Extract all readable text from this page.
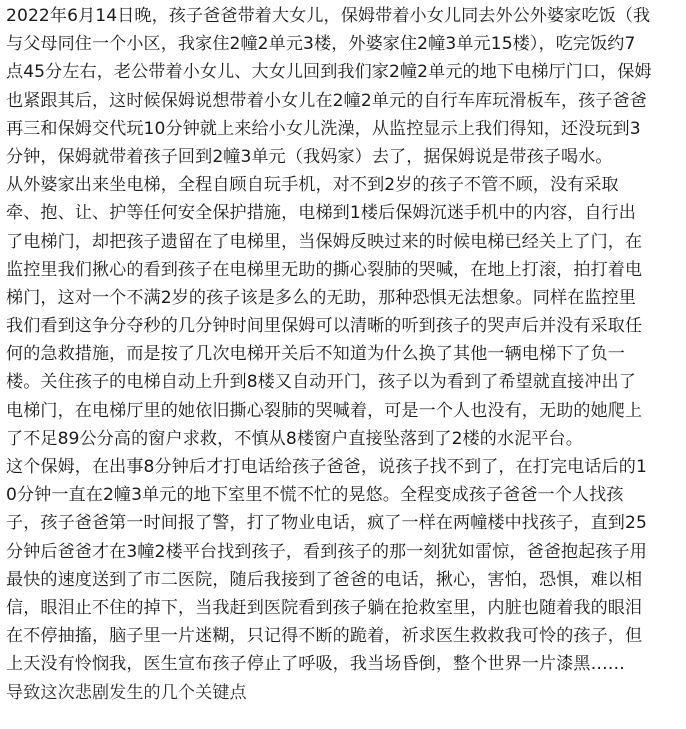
2022年6月14日晚，孩子爸爸带着大女儿，保姆带着小女儿同去外公外婆家吃饭（我
与父母同住一个小区，我家住2幢2单元3楼，外婆家住2幢3单元15楼），吃完饭约7
点45分左右，老公带着小女儿、大女儿回到我们家2幢2单元的地下电梯厅门口，保姆
也紧跟其后，这时候保姆说想带着小女儿在2幢2单元的自行车库玩滑板车，孩子爸爸
再三和保姆交代玩10分钟就上来给小女儿洗澡，从监控显示上我们得知，还没玩到3
分钟，保姆就带着孩子回到2幢3单元（我妈家）去了，据保姆说是带孩子喝水。
从外婆家出来坐电梯，全程自顾自玩手机，对不到2岁的孩子不管不顾，没有采取
牵、抱、让、护等任何安全保护措施，电梯到1楼后保姆沉迷手机中的内容，自行出
了电梯门，却把孩子遗留在了电梯里，当保姆反映过来的时候电梯已经关上了门，在
监控里我们揪心的看到孩子在电梯里无助的撕心裂肺的哭喊，在地上打滚，拍打着电
梯门，这对一个不满2岁的孩子该是多么的无助，那种恐惧无法想象。同样在监控里
我们看到这争分夺秒的几分钟时间里保姆可以清晰的听到孩子的哭声后并没有采取任
何的急救措施，而是按了几次电梯开关后不知道为什么换了其他一辆电梯下了负一
楼。关住孩子的电梯自动上升到8楼又自动开门，孩子以为看到了希望就直接冲出了
电梯门，在电梯厅里的她依旧撕心裂肺的哭喊着，可是一个人也没有，无助的她爬上
了不足89公分高的窗户求救，不慎从8楼窗户直接坠落到了2楼的水泥平台。
这个保姆，在出事8分钟后才打电话给孩子爸爸，说孩子找不到了，在打完电话后的1
0分钟一直在2幢3单元的地下室里不慌不忙的晃悠。全程变成孩子爸爸一个人找孩
子，孩子爸爸第一时间报了警，打了物业电话，疯了一样在两幢楼中找孩子，直到25
分钟后爸爸才在3幢2楼平台找到孩子，看到孩子的那一刻犹如雷惊，爸爸抱起孩子用
最快的速度送到了市二医院，随后我接到了爸爸的电话，揪心，害怕，恐惧，难以相
信，眼泪止不住的掉下，当我赶到医院看到孩子躺在抢救室里，内脏也随着我的眼泪
在不停抽搐，脑子里一片迷糊，只记得不断的跪着，祈求医生救救我可怜的孩子，但
上天没有怜悯我，医生宣布孩子停止了呼吸，我当场昏倒，整个世界一片漆黑……
导致这次悲剧发生的几个关键点
